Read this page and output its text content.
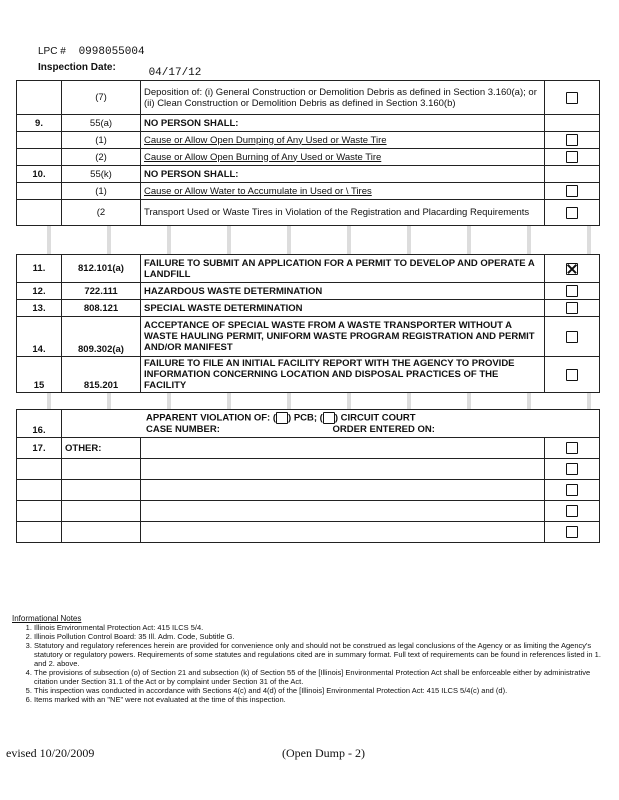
LPC # 0998055004
Inspection Date:	04/17/12
	(7)	Deposition of: (i) General Construction or Demolition Debris as defined in Section 3.160(a); or (ii) Clean Construction or Demolition Debris as defined in Section 3.160(b)	
9.	55(a)	NO PERSON SHALL:	
	(1)	Cause or Allow Open Dumping of Any Used or Waste Tire	
	(2)	Cause or Allow Open Burning of Any Used or Waste Tire	
10.	55(k)	NO PERSON SHALL:	
	(1)	Cause or Allow Water to Accumulate in Used or \ Tires	
	(2	Transport Used or Waste Tires in Violation of the Registration and Placarding Requirements	

11.	812.101(a)	FAILURE TO SUBMIT AN APPLICATION FOR A PERMIT TO DEVELOP AND OPERATE A LANDFILL	
12.	722.111	HAZARDOUS WASTE DETERMINATION	
13.	808.121	SPECIAL WASTE DETERMINATION	
14.	809.302(a)	ACCEPTANCE OF SPECIAL WASTE FROM A WASTE TRANSPORTER WITHOUT A WASTE HAULING PERMIT, UNIFORM WASTE PROGRAM REGISTRATION AND PERMIT AND/OR MANIFEST	
15	815.201	FAILURE TO FILE AN INITIAL FACILITY REPORT WITH THE AGENCY TO PROVIDE INFORMATION CONCERNING LOCATION AND DISPOSAL PRACTICES OF THE FACILITY	

16.	APPARENT VIOLATION OF: ( ) PCB; ( ) CIRCUIT COURT
CASE NUMBER: ORDER ENTERED ON:		

17.	OTHER:		

Informational Notes
1. Illinois Environmental Protection Act: 415 ILCS 5/4.
2. Illinois Pollution Control Board: 35 Ill. Adm. Code, Subtitle G.
3. Statutory and regulatory references herein are provided for convenience only and should not be construed as legal conclusions of the Agency or as limiting the Agency's statutory or regulatory powers. Requirements of some statutes and regulations cited are in summary format. Full text of requirements can be found in references listed in 1. and 2. above.
4. The provisions of subsection (o) of Section 21 and subsection (k) of Section 55 of the [Illinois] Environmental Protection Act shall be enforceable either by administrative citation under Section 31.1 of the Act or by complaint under Section 31 of the Act.
5. This inspection was conducted in accordance with Sections 4(c) and 4(d) of the [Illinois] Environmental Protection Act: 415 ILCS 5/4(c) and (d).
6. Items marked with an "NE" were not evaluated at the time of this inspection.
evised 10/20/2009	(Open Dump - 2)
